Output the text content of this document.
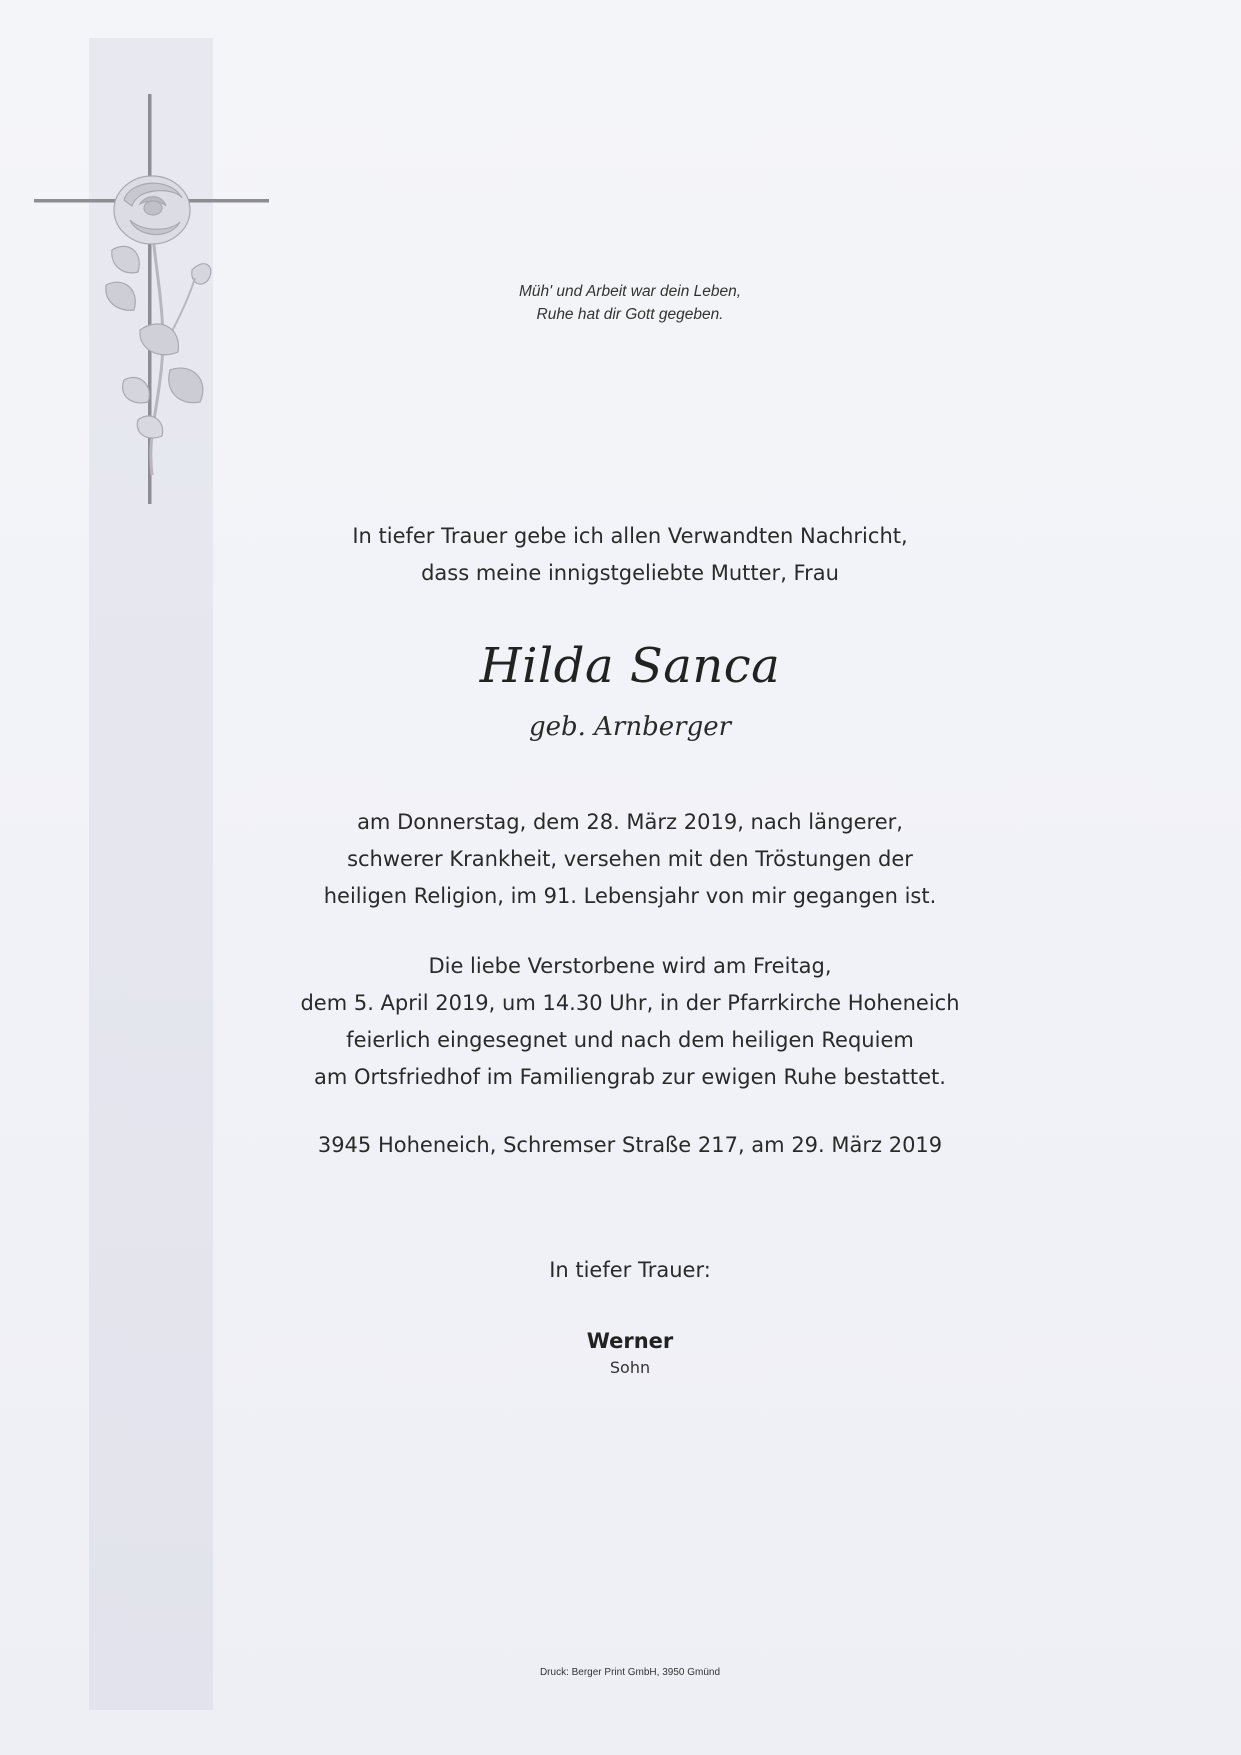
Müh' und Arbeit war dein Leben,
Ruhe hat dir Gott gegeben.
In tiefer Trauer gebe ich allen Verwandten Nachricht,
dass meine innigstgeliebte Mutter, Frau
Hilda Sanca
geb. Arnberger
am Donnerstag, dem 28. März 2019, nach längerer,
schwerer Krankheit, versehen mit den Tröstungen der
heiligen Religion, im 91. Lebensjahr von mir gegangen ist.
Die liebe Verstorbene wird am Freitag,
dem 5. April 2019, um 14.30 Uhr, in der Pfarrkirche Hoheneich
feierlich eingesegnet und nach dem heiligen Requiem
am Ortsfriedhof im Familiengrab zur ewigen Ruhe bestattet.
3945 Hoheneich, Schremser Straße 217, am 29. März 2019
In tiefer Trauer:
Werner
Sohn
Druck: Berger Print GmbH, 3950 Gmünd
